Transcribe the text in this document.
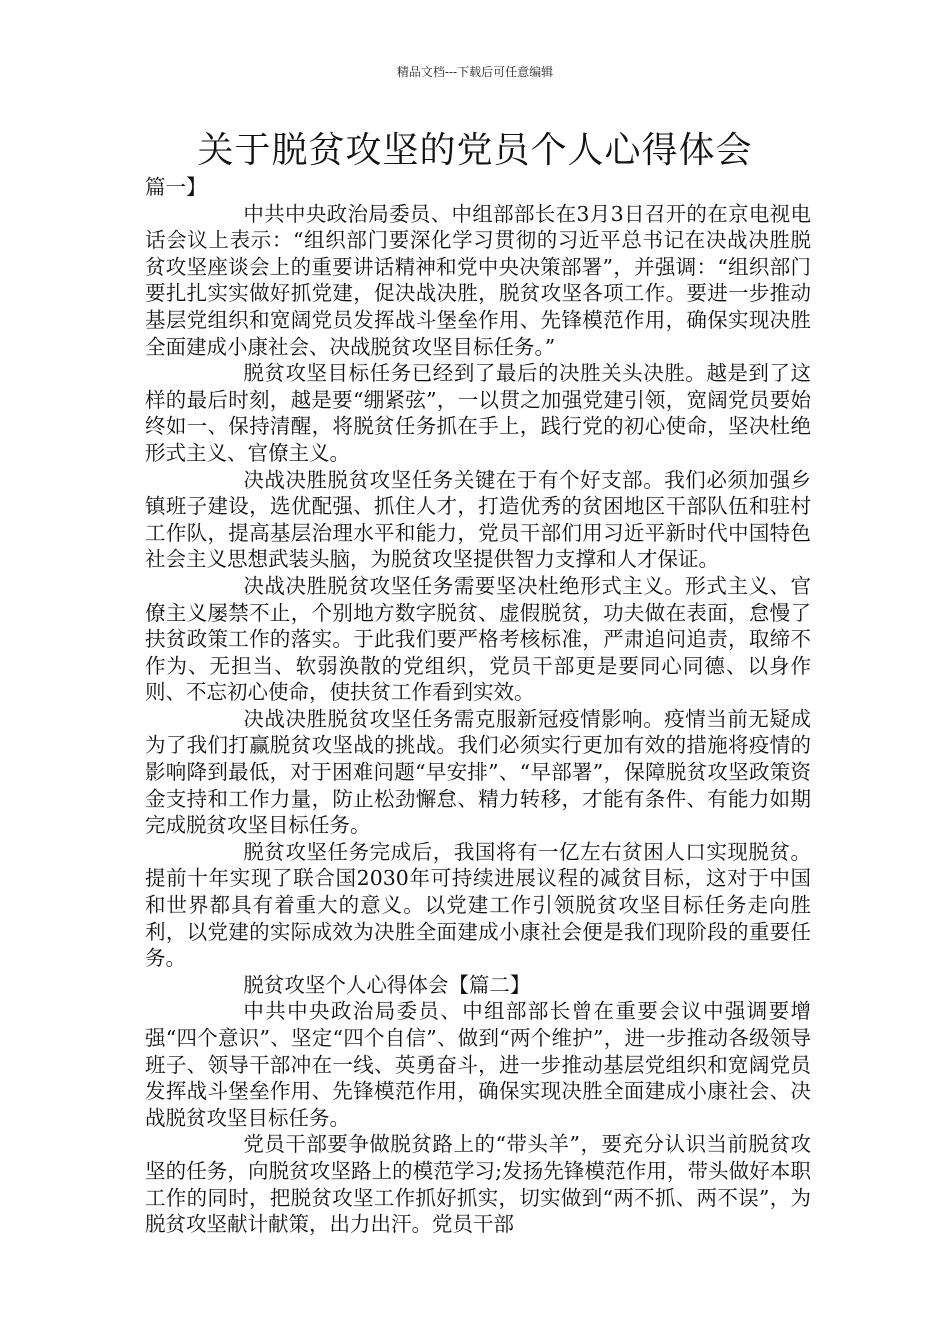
精品文档---下载后可任意编辑
关于脱贫攻坚的党员个人心得体会

篇一】

中共中央政治局委员、中组部部长在3月3日召开的在京电视电话会议上表示：“组织部门要深化学习贯彻的习近平总书记在决战决胜脱贫攻坚座谈会上的重要讲话精神和党中央决策部署”，并强调：“组织部门要扎扎实实做好抓党建，促决战决胜，脱贫攻坚各项工作。要进一步推动基层党组织和宽阔党员发挥战斗堡垒作用、先锋模范作用，确保实现决胜全面建成小康社会、决战脱贫攻坚目标任务。”

脱贫攻坚目标任务已经到了最后的决胜关头决胜。越是到了这样的最后时刻，越是要“绷紧弦”，一以贯之加强党建引领，宽阔党员要始终如一、保持清醒，将脱贫任务抓在手上，践行党的初心使命，坚决杜绝形式主义、官僚主义。

决战决胜脱贫攻坚任务关键在于有个好支部。我们必须加强乡镇班子建设，选优配强、抓住人才，打造优秀的贫困地区干部队伍和驻村工作队，提高基层治理水平和能力，党员干部们用习近平新时代中国特色社会主义思想武装头脑，为脱贫攻坚提供智力支撑和人才保证。

决战决胜脱贫攻坚任务需要坚决杜绝形式主义。形式主义、官僚主义屡禁不止，个别地方数字脱贫、虚假脱贫，功夫做在表面，怠慢了扶贫政策工作的落实。于此我们要严格考核标准，严肃追问追责，取缔不作为、无担当、软弱涣散的党组织，党员干部更是要同心同德、以身作则、不忘初心使命，使扶贫工作看到实效。

决战决胜脱贫攻坚任务需克服新冠疫情影响。疫情当前无疑成为了我们打赢脱贫攻坚战的挑战。我们必须实行更加有效的措施将疫情的影响降到最低，对于困难问题“早安排”、“早部署”，保障脱贫攻坚政策资金支持和工作力量，防止松劲懈怠、精力转移，才能有条件、有能力如期完成脱贫攻坚目标任务。

脱贫攻坚任务完成后，我国将有一亿左右贫困人口实现脱贫。提前十年实现了联合国2030年可持续进展议程的减贫目标，这对于中国和世界都具有着重大的意义。以党建工作引领脱贫攻坚目标任务走向胜利，以党建的实际成效为决胜全面建成小康社会便是我们现阶段的重要任务。

脱贫攻坚个人心得体会【篇二】

中共中央政治局委员、中组部部长曾在重要会议中强调要增强“四个意识”、坚定“四个自信”、做到“两个维护”，进一步推动各级领导班子、领导干部冲在一线、英勇奋斗，进一步推动基层党组织和宽阔党员发挥战斗堡垒作用、先锋模范作用，确保实现决胜全面建成小康社会、决战脱贫攻坚目标任务。

党员干部要争做脱贫路上的“带头羊”，要充分认识当前脱贫攻坚的任务，向脱贫攻坚路上的模范学习;发扬先锋模范作用，带头做好本职工作的同时，把脱贫攻坚工作抓好抓实，切实做到“两不抓、两不误”，为脱贫攻坚献计献策，出力出汗。党员干部
